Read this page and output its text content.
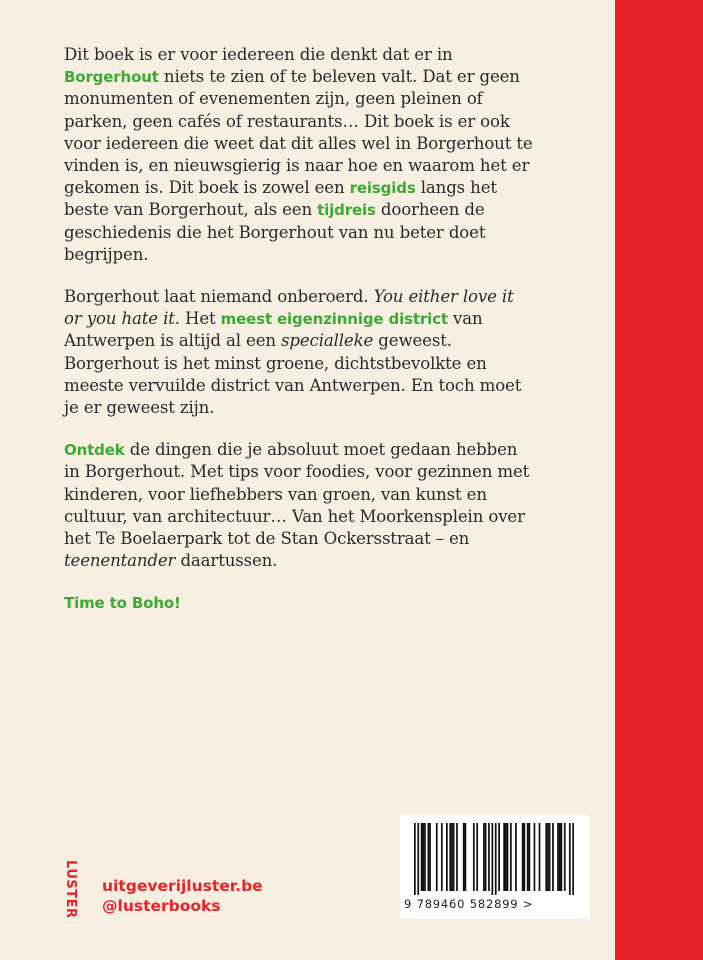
Dit boek is er voor iedereen die denkt dat er in Borgerhout niets te zien of te beleven valt. Dat er geen monumenten of evenementen zijn, geen pleinen of parken, geen cafés of restaurants… Dit boek is er ook voor iedereen die weet dat dit alles wel in Borgerhout te vinden is, en nieuwsgierig is naar hoe en waarom het er gekomen is. Dit boek is zowel een reisgids langs het beste van Borgerhout, als een tijdreis doorheen de geschiedenis die het Borgerhout van nu beter doet begrijpen.

Borgerhout laat niemand onberoerd. You either love it or you hate it. Het meest eigenzinnige district van Antwerpen is altijd al een specialleke geweest. Borgerhout is het minst groene, dichtstbevolkte en meeste vervuilde district van Antwerpen. En toch moet je er geweest zijn.

Ontdek de dingen die je absoluut moet gedaan hebben in Borgerhout. Met tips voor foodies, voor gezinnen met kinderen, voor liefhebbers van groen, van kunst en cultuur, van architectuur… Van het Moorkensplein over het Te Boelaerpark tot de Stan Ockersstraat – en teenentander daartussen.

Time to Boho!

LUSTER uitgeverijluster.be
@lusterbooks	9 789460 582899 >
